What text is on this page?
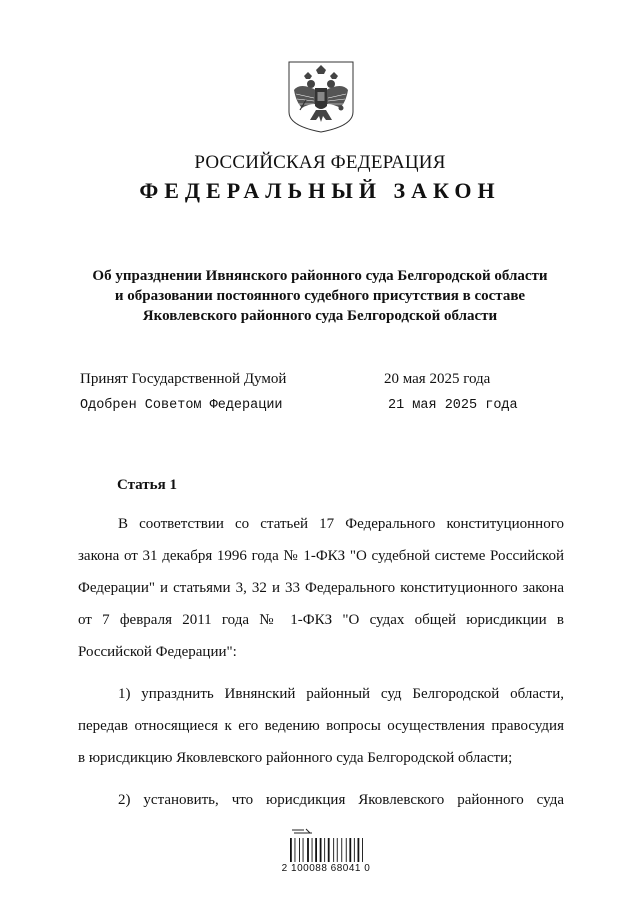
РОССИЙСКАЯ ФЕДЕРАЦИЯ
ФЕДЕРАЛЬНЫЙ ЗАКОН
Об упразднении Ивнянского районного суда Белгородской области
и образовании постоянного судебного присутствия в составе
Яковлевского районного суда Белгородской области
Принят Государственной Думой	20 мая 2025 года
Одобрен Советом Федерации	21 мая 2025 года
Статья 1
В соответствии со статьей 17 Федерального конституционного
закона от 31 декабря 1996 года № 1-ФКЗ "О судебной системе Российской
Федерации" и статьями 3, 32 и 33 Федерального конституционного закона
от 7 февраля 2011 года № 1-ФКЗ "О судах общей юрисдикции в
Российской Федерации":
1) упразднить Ивнянский районный суд Белгородской области,
передав относящиеся к его ведению вопросы осуществления правосудия
в юрисдикцию Яковлевского районного суда Белгородской области;
2) установить, что юрисдикция Яковлевского районного суда
2 100088 68041 0
